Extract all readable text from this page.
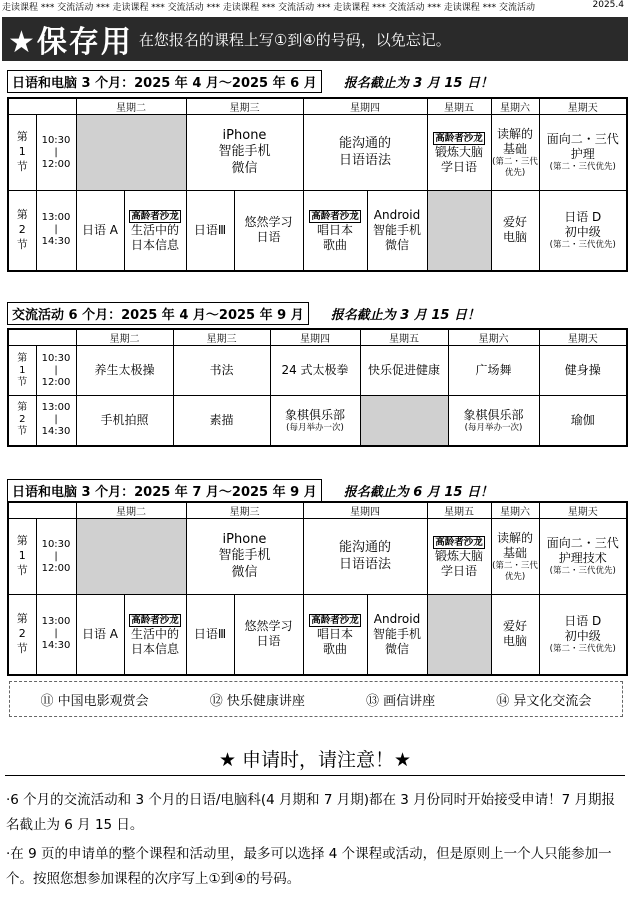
走读课程 *** 交流活动 *** 走读课程 *** 交流活动 *** 走读课程 *** 交流活动 *** 走读课程 *** 交流活动 *** 走读课程 *** 交流活动	2025.4
★保存用 在您报名的课程上写①到④的号码，以免忘记。
日语和电脑 3 个月：2025 年 4 月～2025 年 6 月	报名截止为 3 月 15 日！
		星期二		星期三		星期四		星期五	星期六	星期天
第
1
节	10:30
|
12:00			iPhone
智能手机
微信		能沟通的
日语语法		高龄者沙龙
锻炼大脑
学日语	读解的
基础
(第二・三代
优先)	面向二・三代
护理
(第二・三代优先)

第
2
节	13:00
|
14:30	日语 A	高龄者沙龙
生活中的
日本信息	日语Ⅲ	悠然学习
日语	高龄者沙龙
唱日本
歌曲	Android
智能手机
微信		爱好
电脑	日语 D
初中级
(第二・三代优先)
交流活动 6 个月：2025 年 4 月～2025 年 9 月	报名截止为 3 月 15 日！
		星期二	星期三	星期四	星期五	星期六	星期天
第
1
节	10:30
|
12:00	养生太极操	书法	24 式太极拳	快乐促进健康	广场舞	健身操
第
2
节	13:00
|
14:30	手机拍照	素描	象棋俱乐部
(每月举办一次)		象棋俱乐部
(每月举办一次)	瑜伽
日语和电脑 3 个月：2025 年 7 月～2025 年 9 月	报名截止为 6 月 15 日！
		星期二		星期三		星期四		星期五	星期六	星期天
第
1
节	10:30
|
12:00			iPhone
智能手机
微信		能沟通的
日语语法		高龄者沙龙
锻炼大脑
学日语	读解的
基础
(第二・三代
优先)	面向二・三代
护理技术
(第二・三代优先)

第
2
节	13:00
|
14:30	日语 A	高龄者沙龙
生活中的
日本信息	日语Ⅲ	悠然学习
日语	高龄者沙龙
唱日本
歌曲	Android
智能手机
微信		爱好
电脑	日语 D
初中级
(第二・三代优先)
⑪ 中国电影观赏会	⑫ 快乐健康讲座	⑬ 画信讲座	⑭ 异文化交流会
★ 申请时，请注意！★
·6 个月的交流活动和 3 个月的日语/电脑科(4 月期和 7 月期)都在 3 月份同时开始接受申请！7 月期报名截止为 6 月 15 日。
·在 9 页的申请单的整个课程和活动里，最多可以选择 4 个课程或活动，但是原则上一个人只能参加一个。按照您想参加课程的次序写上①到④的号码。
